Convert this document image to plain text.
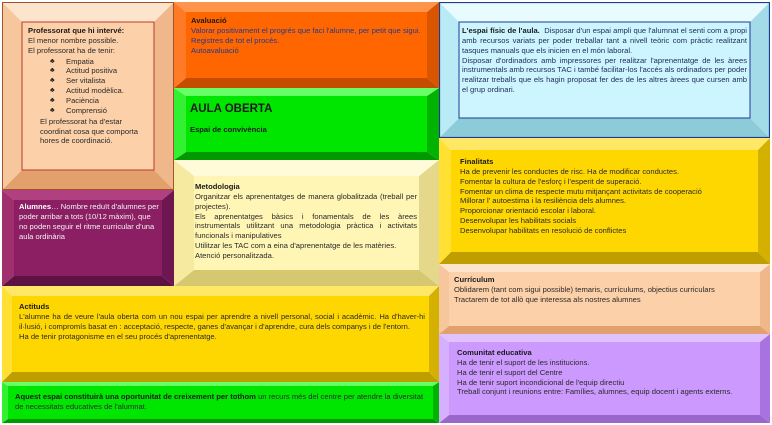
Professorat que hi intervé:

El menor nombre possible.

El professorat ha de tenir:

♣ Empatia
♣ Actitud positiva
♣ Ser vitalista
♣ Actitud modèlica.
♣ Paciència
♣ Comprensió

El professorat ha d'estar coordinat cosa que comporta hores de coordinació.

Avaluació

Valorar positivament el progrés que faci l'alumne, per petit que sigui.

Registres de tot el procés.

Autoavaluació

AULA OBERTA

Espai de convivència

L'espai físic de l'aula. Disposar d'un espai ampli que l'alumnat el senti com a propi amb recursos variats per poder treballar tant a nivell teòric com pràctic realitzant tasques manuals que els inicien en el món laboral.

Disposar d'ordinadors amb impressores per realitzar l'aprenentatge de les àrees instrumentals amb recursos TAC i també facilitar-los l'accés als ordinadors per poder realitzar treballs que els hagin proposat fer des de les altres àrees que cursen amb el grup ordinari.

Alumnes… Nombre reduït d'alumnes per poder arribar a tots (10/12 màxim), que no poden seguir el ritme curricular d'una aula ordinària

Metodologia

Organitzar els aprenentatges de manera globalitzada (treball per projectes).

Els aprenentatges bàsics i fonamentals de les àrees instrumentals utilitzant una metodologia pràctica i activitats funcionals i manipulatives

Utilitzar les TAC com a eina d'aprenentatge de les matèries.

Atenció personalitzada.

Finalitats

Ha de prevenir les conductes de risc. Ha de modificar conductes.

Fomentar la cultura de l'esforç i l'esperit de superació.

Fomentar un clima de respecte mutu mitjançant activitats de cooperació

Millorar l' autoestima i la resiliència dels alumnes.

Proporcionar orientació escolar i laboral.

Desenvolupar les habilitats socials

Desenvolupar habilitats en resolució de conflictes

Currículum

Oblidarem (tant com sigui possible) temaris, currículums, objectius curriculars

Tractarem de tot allò que interessa als nostres alumnes

Actituds

L'alumne ha de veure l'aula oberta com un nou espai per aprendre a nivell personal, social i acadèmic. Ha d'haver-hi il·lusió, i compromís basat en : acceptació, respecte, ganes d'avançar i d'aprendre, cura dels companys i de l'entorn.

Ha de tenir protagonisme en el seu procés d'aprenentatge.

Comunitat educativa

Ha de tenir el suport de les institucions.

Ha de tenir el suport del Centre

Ha de tenir suport incondicional de l'equip directiu

Treball conjunt i reunions entre: Famílies, alumnes, equip docent i agents externs.

Aquest espai constituirà una oportunitat de creixement per tothom un recurs més del centre per atendre la diversitat de necessitats educatives de l'alumnat.
